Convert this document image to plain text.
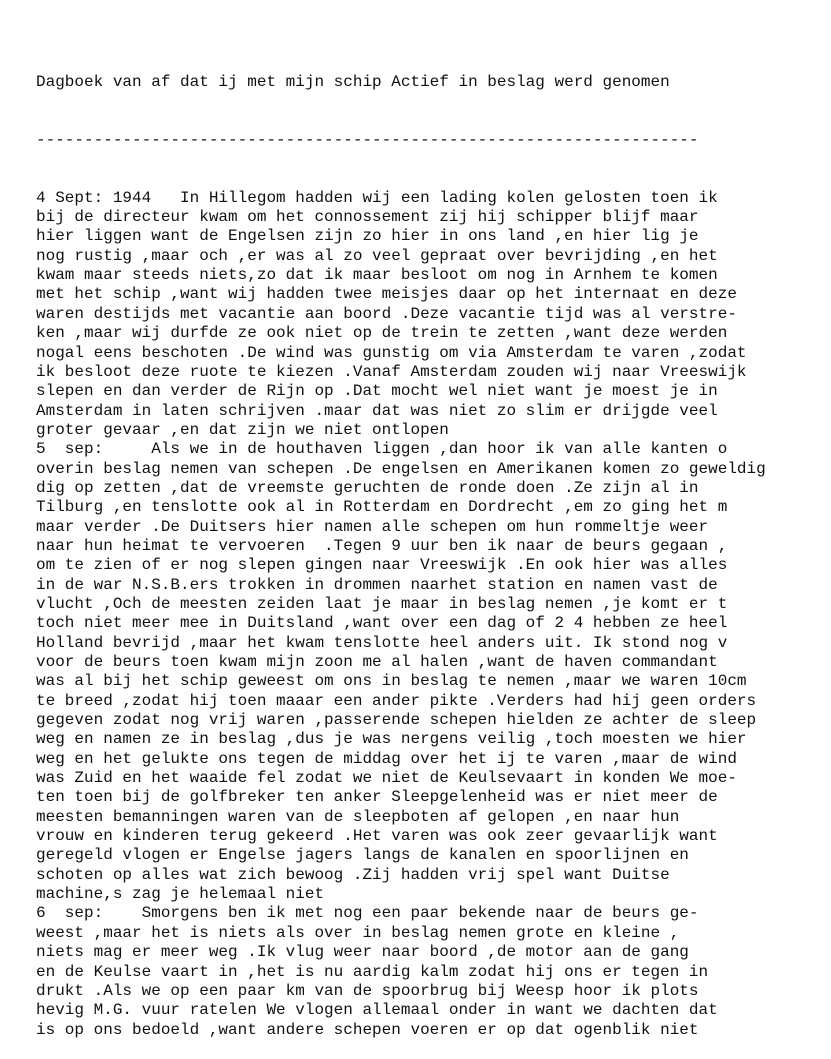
Dagboek van af dat ij met mijn schip Actief in beslag werd genomen

---------------------------------------------------------------------

4 Sept: 1944   In Hillegom hadden wij een lading kolen gelosten toen ik
bij de directeur kwam om het connossement zij hij schipper blijf maar
hier liggen want de Engelsen zijn zo hier in ons land ,en hier lig je
nog rustig ,maar och ,er was al zo veel gepraat over bevrijding ,en het
kwam maar steeds niets,zo dat ik maar besloot om nog in Arnhem te komen
met het schip ,want wij hadden twee meisjes daar op het internaat en deze
waren destijds met vacantie aan boord .Deze vacantie tijd was al verstre-
ken ,maar wij durfde ze ook niet op de trein te zetten ,want deze werden
nogal eens beschoten .De wind was gunstig om via Amsterdam te varen ,zodat
ik besloot deze ruote te kiezen .Vanaf Amsterdam zouden wij naar Vreeswijk
slepen en dan verder de Rijn op .Dat mocht wel niet want je moest je in
Amsterdam in laten schrijven .maar dat was niet zo slim er drijgde veel
groter gevaar ,en dat zijn we niet ontlopen
5  sep:     Als we in de houthaven liggen ,dan hoor ik van alle kanten o
overin beslag nemen van schepen .De engelsen en Amerikanen komen zo geweldig
dig op zetten ,dat de vreemste geruchten de ronde doen .Ze zijn al in
Tilburg ,en tenslotte ook al in Rotterdam en Dordrecht ,em zo ging het m
maar verder .De Duitsers hier namen alle schepen om hun rommeltje weer
naar hun heimat te vervoeren  .Tegen 9 uur ben ik naar de beurs gegaan ,
om te zien of er nog slepen gingen naar Vreeswijk .En ook hier was alles
in de war N.S.B.ers trokken in drommen naarhet station en namen vast de
vlucht ,Och de meesten zeiden laat je maar in beslag nemen ,je komt er t
toch niet meer mee in Duitsland ,want over een dag of 2 4 hebben ze heel
Holland bevrijd ,maar het kwam tenslotte heel anders uit. Ik stond nog v
voor de beurs toen kwam mijn zoon me al halen ,want de haven commandant
was al bij het schip geweest om ons in beslag te nemen ,maar we waren 10cm
te breed ,zodat hij toen maaar een ander pikte .Verders had hij geen orders
gegeven zodat nog vrij waren ,passerende schepen hielden ze achter de sleep
weg en namen ze in beslag ,dus je was nergens veilig ,toch moesten we hier
weg en het gelukte ons tegen de middag over het ij te varen ,maar de wind
was Zuid en het waaide fel zodat we niet de Keulsevaart in konden We moe-
ten toen bij de golfbreker ten anker Sleepgelenheid was er niet meer de
meesten bemanningen waren van de sleepboten af gelopen ,en naar hun
vrouw en kinderen terug gekeerd .Het varen was ook zeer gevaarlijk want
geregeld vlogen er Engelse jagers langs de kanalen en spoorlijnen en
schoten op alles wat zich bewoog .Zij hadden vrij spel want Duitse
machine,s zag je helemaal niet
6  sep:    Smorgens ben ik met nog een paar bekende naar de beurs ge-
weest ,maar het is niets als over in beslag nemen grote en kleine ,
niets mag er meer weg .Ik vlug weer naar boord ,de motor aan de gang
en de Keulse vaart in ,het is nu aardig kalm zodat hij ons er tegen in
drukt .Als we op een paar km van de spoorbrug bij Weesp hoor ik plots
hevig M.G. vuur ratelen We vlogen allemaal onder in want we dachten dat
is op ons bedoeld ,want andere schepen voeren er op dat ogenblik niet
